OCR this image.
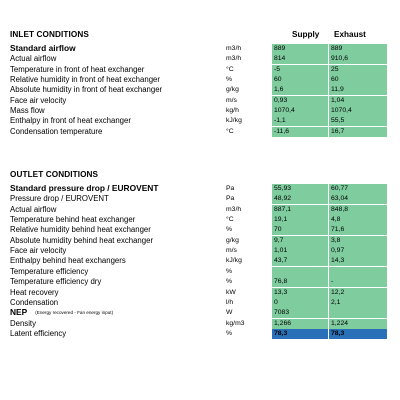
INLET CONDITIONS	Supply Exhaust
Standard airflow	m3/h	889	889
Actual airflow	m3/h	814	910,6
Temperature in front of heat exchanger	°C	-5	25
Relative humidity in front of heat exchanger	%	60	60
Absolute humidity in front of heat exchanger	g/kg	1,6	11,9
Face air velocity	m/s	0,93	1,04
Mass flow	kg/h	1070,4	1070,4
Enthalpy in front of heat exchanger	kJ/kg	-1,1	55,5
Condensation temperature	°C	-11,6	16,7
OUTLET CONDITIONS
Standard pressure drop / EUROVENT	Pa	55,93	60,77
Pressure drop / EUROVENT	Pa	48,92	63,04
Actual airflow	m3/h	887,1	848,8
Temperature behind heat exchanger	°C	19,1	4,8
Relative humidity behind heat exchanger	%	70	71,6
Absolute humidity behind heat exchanger	g/kg	9,7	3,8
Face air velocity	m/s	1,01	0,97
Enthalpy behind heat exchangers	kJ/kg	43,7	14,3
Temperature efficiency	%
Temperature efficiency dry	%	76,8	-
Heat recovery	kW	13,3	12,2
Condensation	l/h	0	2,1
NEP (Energy recovered - Fan energy input)	W	7083
Density	kg/m3	1,266	1,224
Latent efficiency	%	78,3	78,3
